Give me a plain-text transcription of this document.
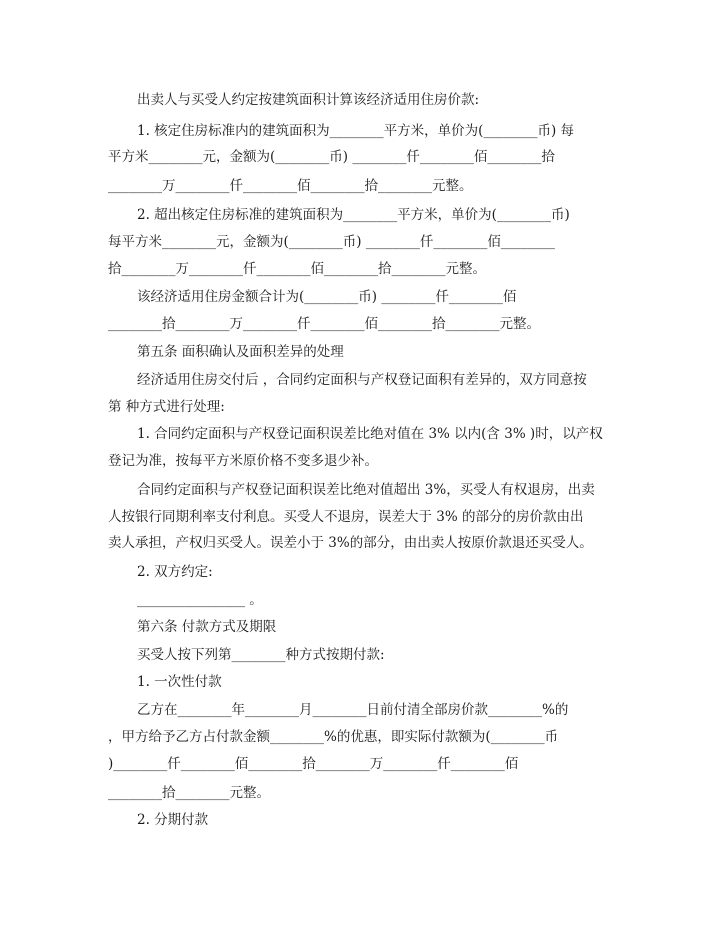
出卖人与买受人约定按建筑面积计算该经济适用住房价款:
1. 核定住房标准内的建筑面积为________平方米，单价为(________币) 每
平方米________元，金额为(________币) ________仟________佰________拾
________万________仟________佰________拾________元整。
2. 超出核定住房标准的建筑面积为________平方米，单价为(________币)
每平方米________元，金额为(________币) ________仟________佰________
拾________万________仟________佰________拾________元整。
该经济适用住房金额合计为(________币) ________仟________佰
________拾________万________仟________佰________拾________元整。
第五条 面积确认及面积差异的处理
经济适用住房交付后 ，合同约定面积与产权登记面积有差异的，双方同意按
第 种方式进行处理:
1. 合同约定面积与产权登记面积误差比绝对值在 3% 以内(含 3% )时，以产权
登记为准，按每平方米原价格不变多退少补。
合同约定面积与产权登记面积误差比绝对值超出 3%，买受人有权退房，出卖
人按银行同期利率支付利息。买受人不退房，误差大于 3% 的部分的房价款由出
卖人承担，产权归买受人。误差小于 3%的部分，由出卖人按原价款退还买受人。
2. 双方约定:
________________ 。
第六条 付款方式及期限
买受人按下列第________种方式按期付款:
1. 一次性付款
乙方在________年________月________日前付清全部房价款________%的
，甲方给予乙方占付款金额________%的优惠，即实际付款额为(________币
)________仟________佰________拾________万________仟________佰
________拾________元整。
2. 分期付款
